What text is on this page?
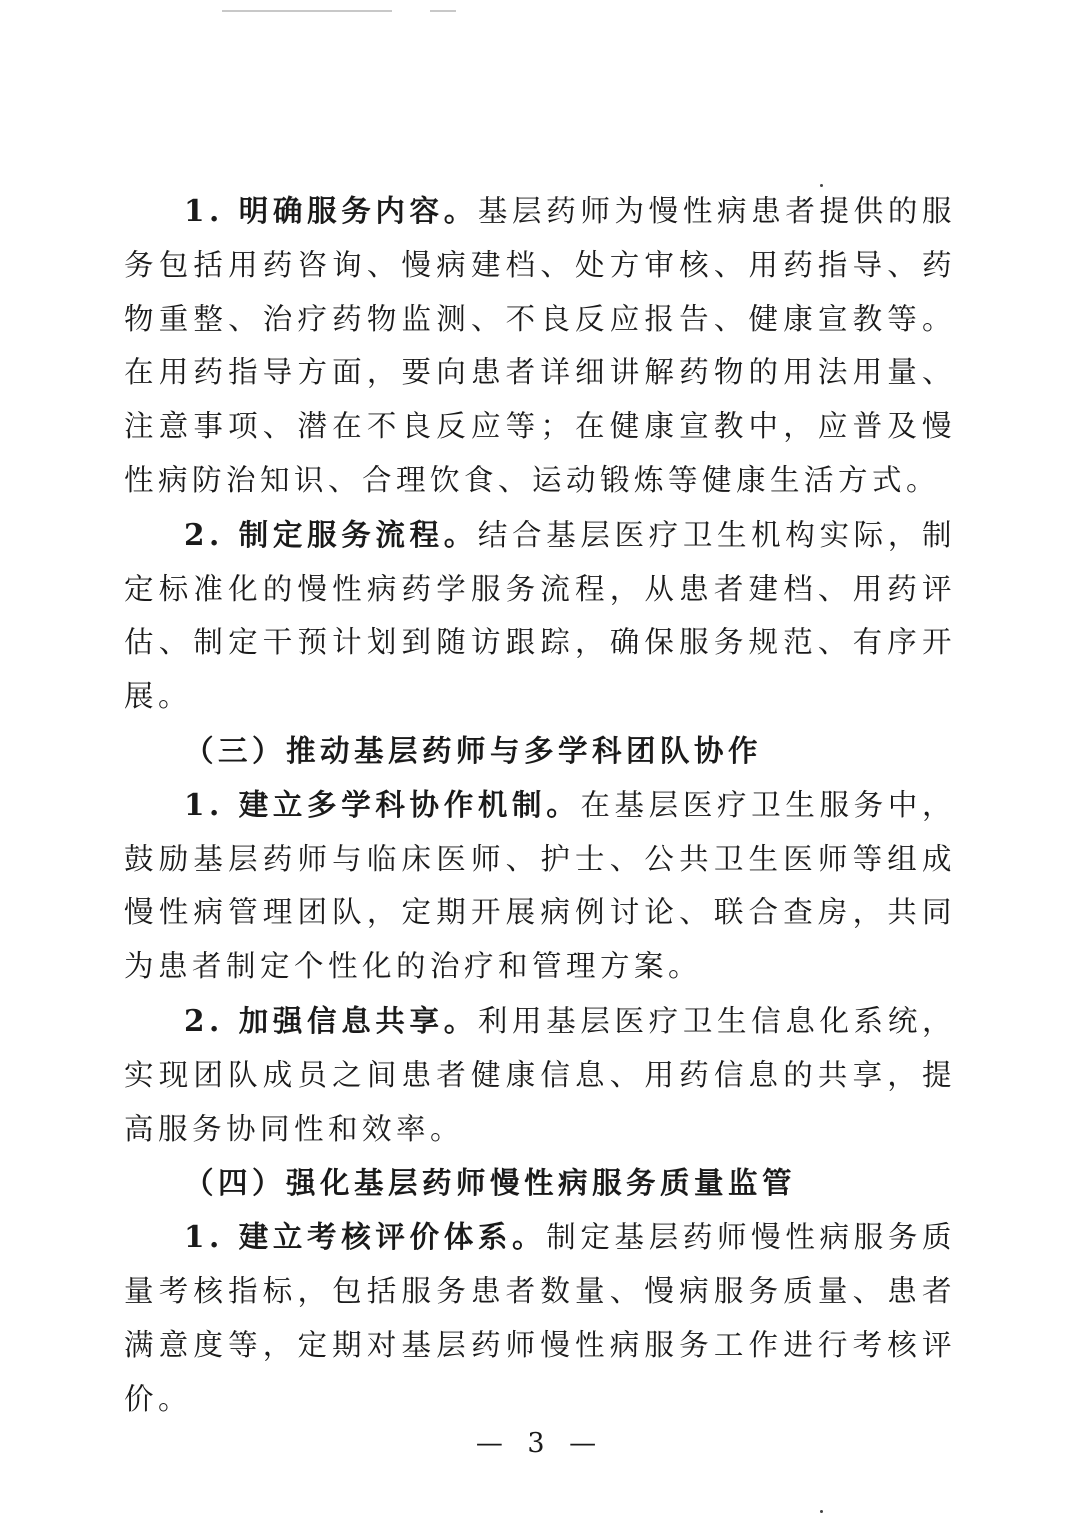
1. 明确服务内容。基层药师为慢性病患者提供的服务包括用药咨询、慢病建档、处方审核、用药指导、药物重整、治疗药物监测、不良反应报告、健康宣教等。在用药指导方面，要向患者详细讲解药物的用法用量、注意事项、潜在不良反应等；在健康宣教中，应普及慢性病防治知识、合理饮食、运动锻炼等健康生活方式。

2. 制定服务流程。结合基层医疗卫生机构实际，制定标准化的慢性病药学服务流程，从患者建档、用药评估、制定干预计划到随访跟踪，确保服务规范、有序开展。

（三）推动基层药师与多学科团队协作

1. 建立多学科协作机制。在基层医疗卫生服务中，鼓励基层药师与临床医师、护士、公共卫生医师等组成慢性病管理团队，定期开展病例讨论、联合查房，共同为患者制定个性化的治疗和管理方案。

2. 加强信息共享。利用基层医疗卫生信息化系统，实现团队成员之间患者健康信息、用药信息的共享，提高服务协同性和效率。

（四）强化基层药师慢性病服务质量监管

1. 建立考核评价体系。制定基层药师慢性病服务质量考核指标，包括服务患者数量、慢病服务质量、患者满意度等，定期对基层药师慢性病服务工作进行考核评价。

— 3 —
